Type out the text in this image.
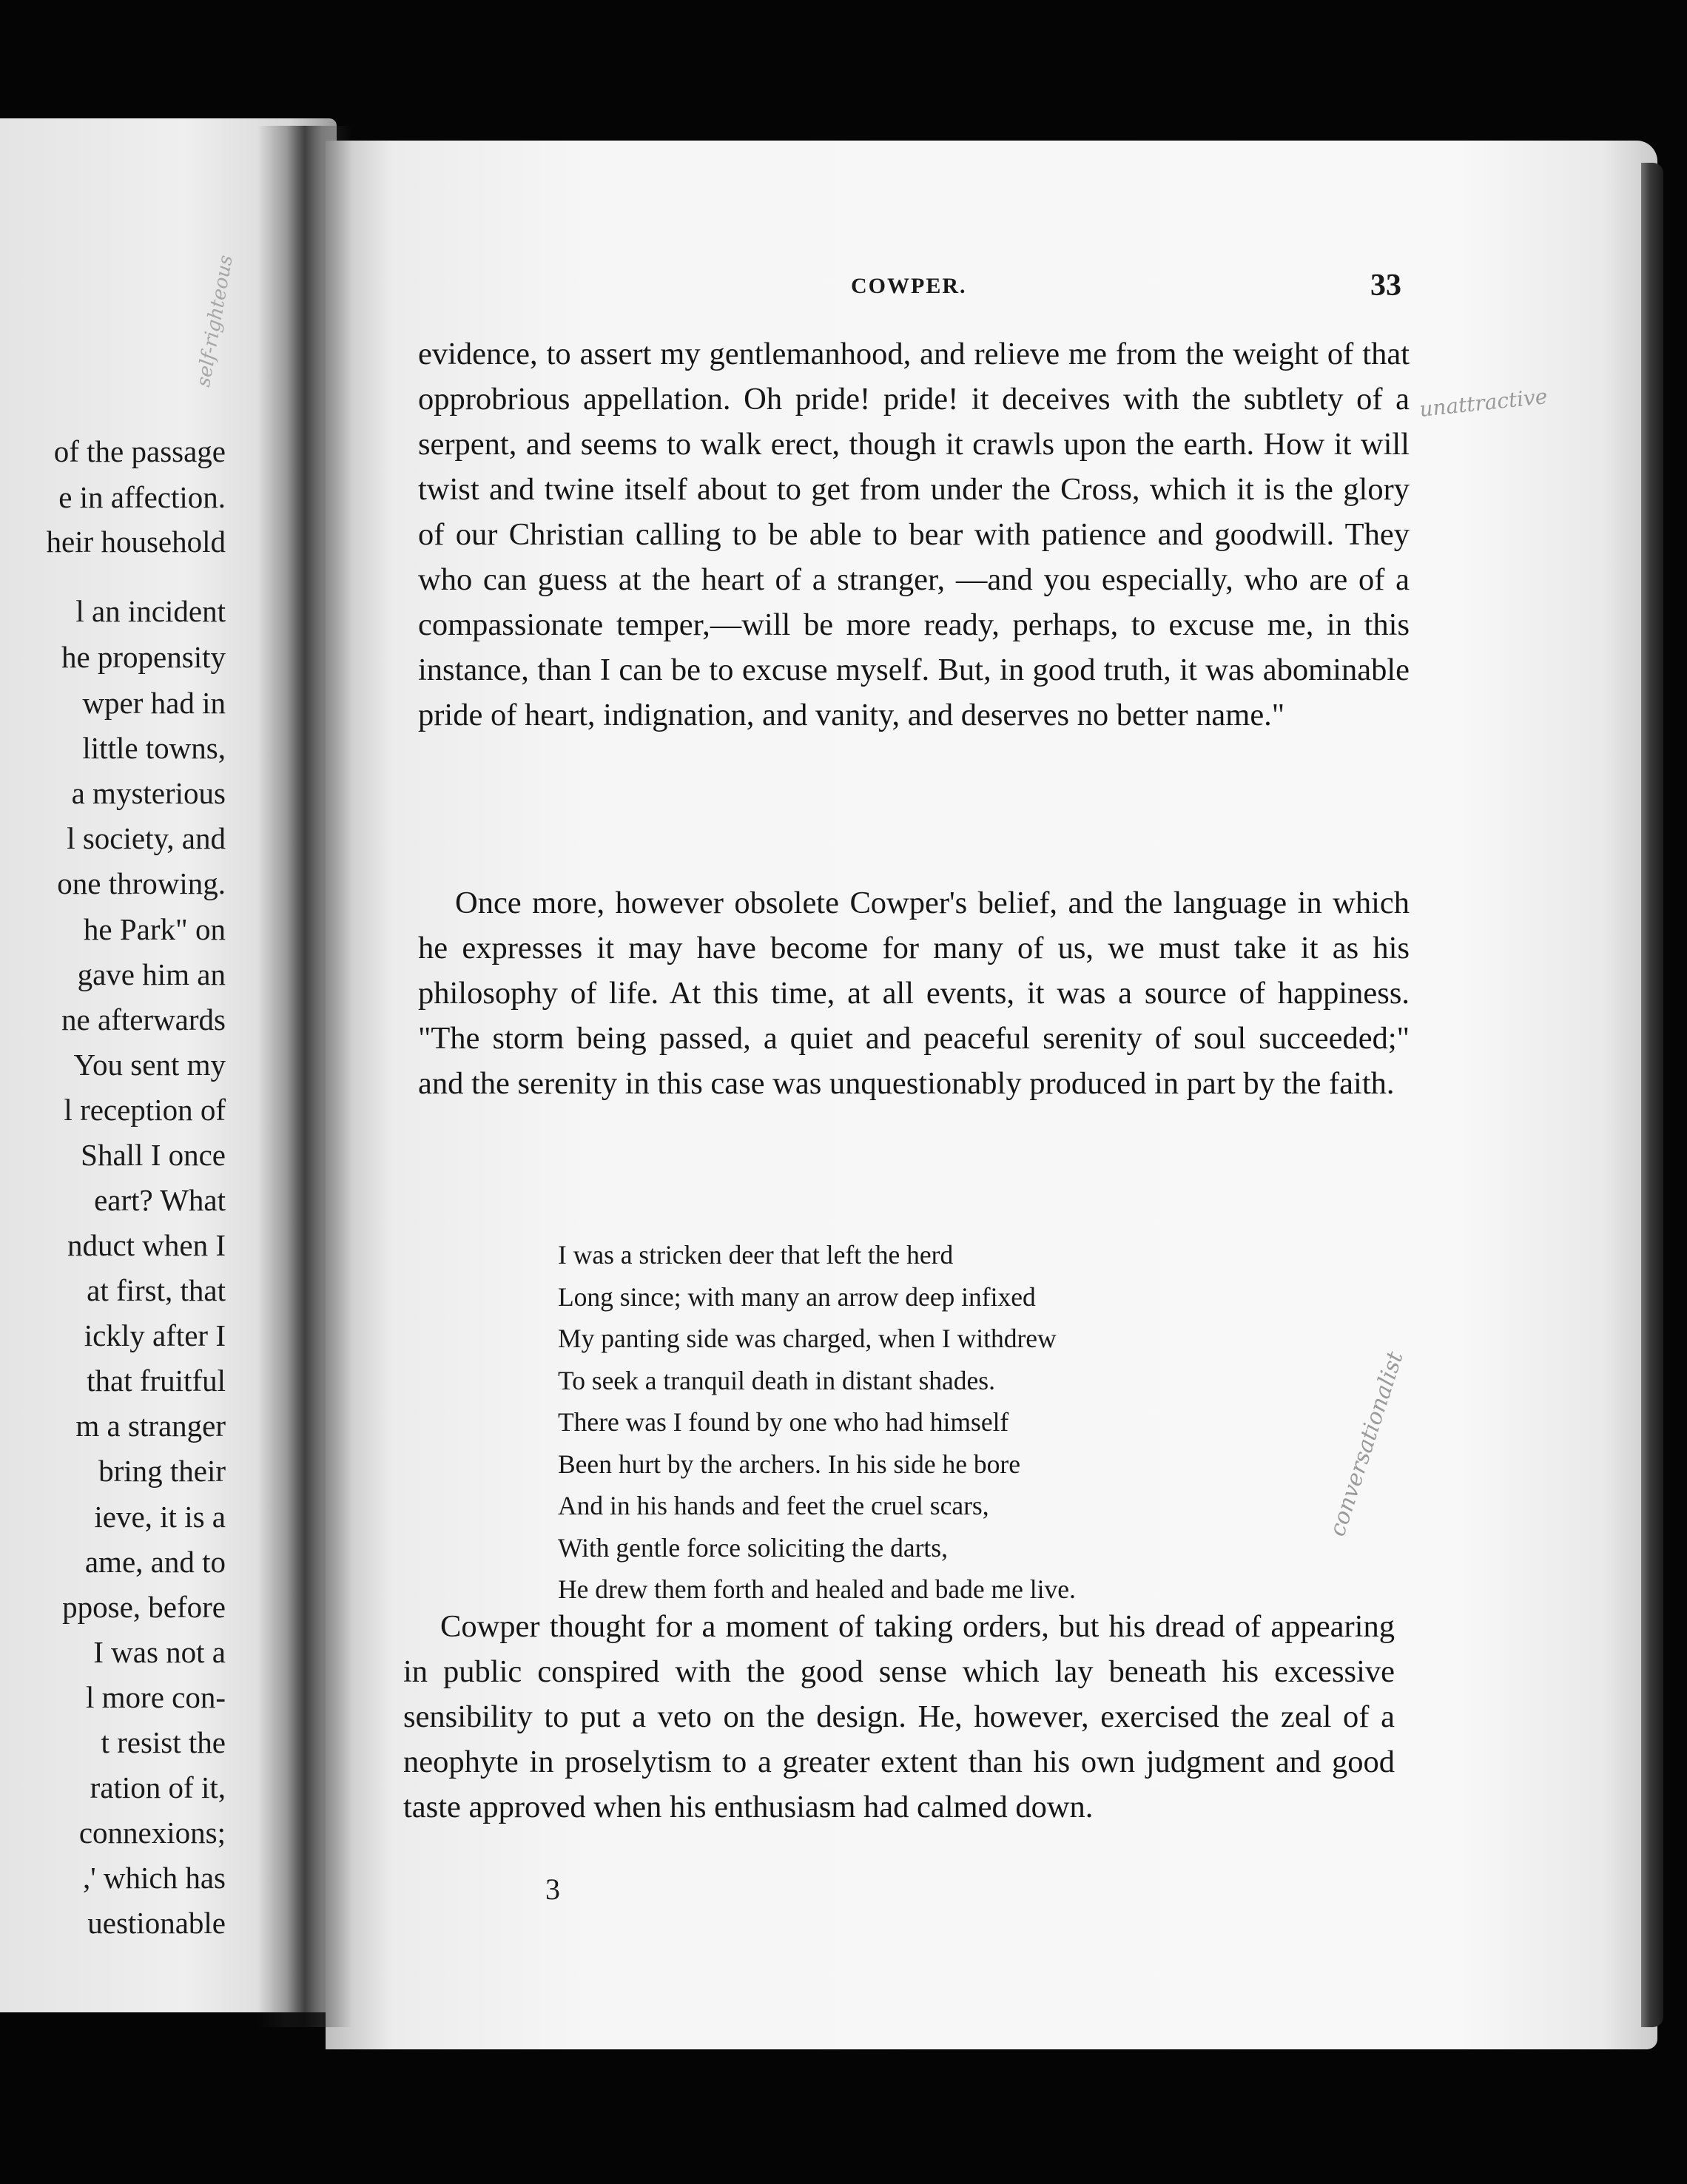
of the passage
e in affection.
heir household
l an incident
he propensity
wper had in
little towns,
a mysterious
l society, and
one throwing.
he Park" on
gave him an
ne afterwards
You sent my
l reception of
Shall I once
eart? What
nduct when I
at first, that
ickly after I
that fruitful
m a stranger
bring their
ieve, it is a
ame, and to
ppose, before
I was not a
l more con-
t resist the
ration of it,
connexions;
,' which has
uestionable
self-righteous	COWPER.	33

evidence, to assert my gentlemanhood, and relieve me from the weight of that opprobrious appellation. Oh pride! pride! it deceives with the subtlety of a serpent, and seems to walk erect, though it crawls upon the earth. How it will twist and twine itself about to get from under the Cross, which it is the glory of our Christian calling to be able to bear with patience and goodwill. They who can guess at the heart of a stranger, —and you especially, who are of a compassionate temper,—will be more ready, perhaps, to excuse me, in this instance, than I can be to excuse myself. But, in good truth, it was abominable pride of heart, indignation, and vanity, and deserves no better name."

Once more, however obsolete Cowper's belief, and the language in which he expresses it may have become for many of us, we must take it as his philosophy of life. At this time, at all events, it was a source of happiness. "The storm being passed, a quiet and peaceful serenity of soul succeeded;" and the serenity in this case was unquestionably produced in part by the faith.

I was a stricken deer that left the herd
Long since; with many an arrow deep infixed
My panting side was charged, when I withdrew
To seek a tranquil death in distant shades.
There was I found by one who had himself
Been hurt by the archers. In his side he bore
And in his hands and feet the cruel scars,
With gentle force soliciting the darts,
He drew them forth and healed and bade me live.

Cowper thought for a moment of taking orders, but his dread of appearing in public conspired with the good sense which lay beneath his excessive sensibility to put a veto on the design. He, however, exercised the zeal of a neophyte in proselytism to a greater extent than his own judgment and good taste approved when his enthusiasm had calmed down.

3
unattractive
conversationalist
